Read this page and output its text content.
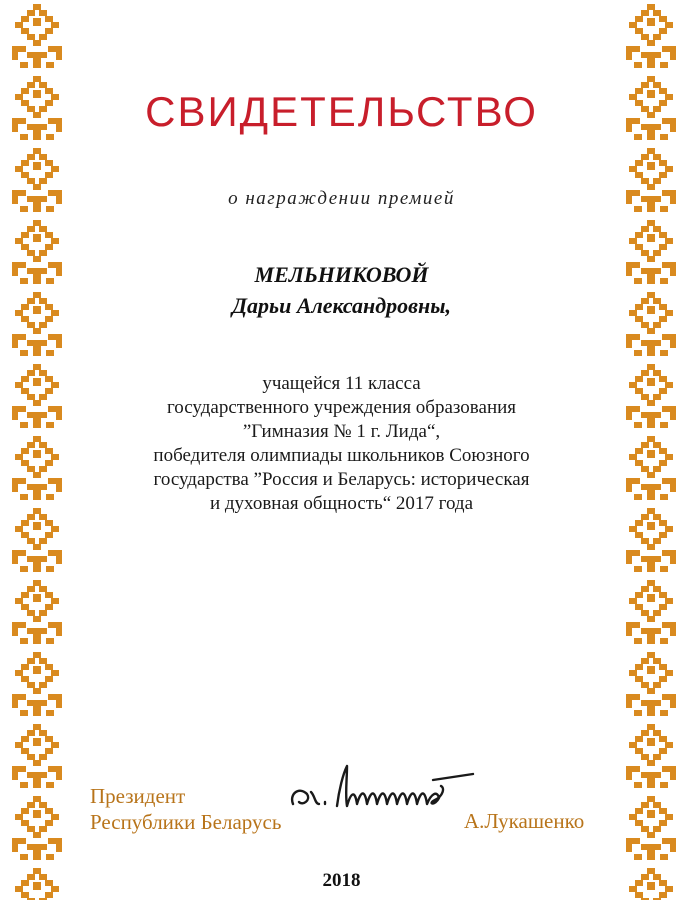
СВИДЕТЕЛЬСТВО
о награждении премией
МЕЛЬНИКОВОЙ
Дарьи Александровны,
учащейся 11 класса
государственного учреждения образования
”Гимназия № 1 г. Лида“,
победителя олимпиады школьников Союзного
государства ”Россия и Беларусь: историческая
и духовная общность“ 2017 года
Президент
Республики Беларусь	А.Лукашенко
2018
